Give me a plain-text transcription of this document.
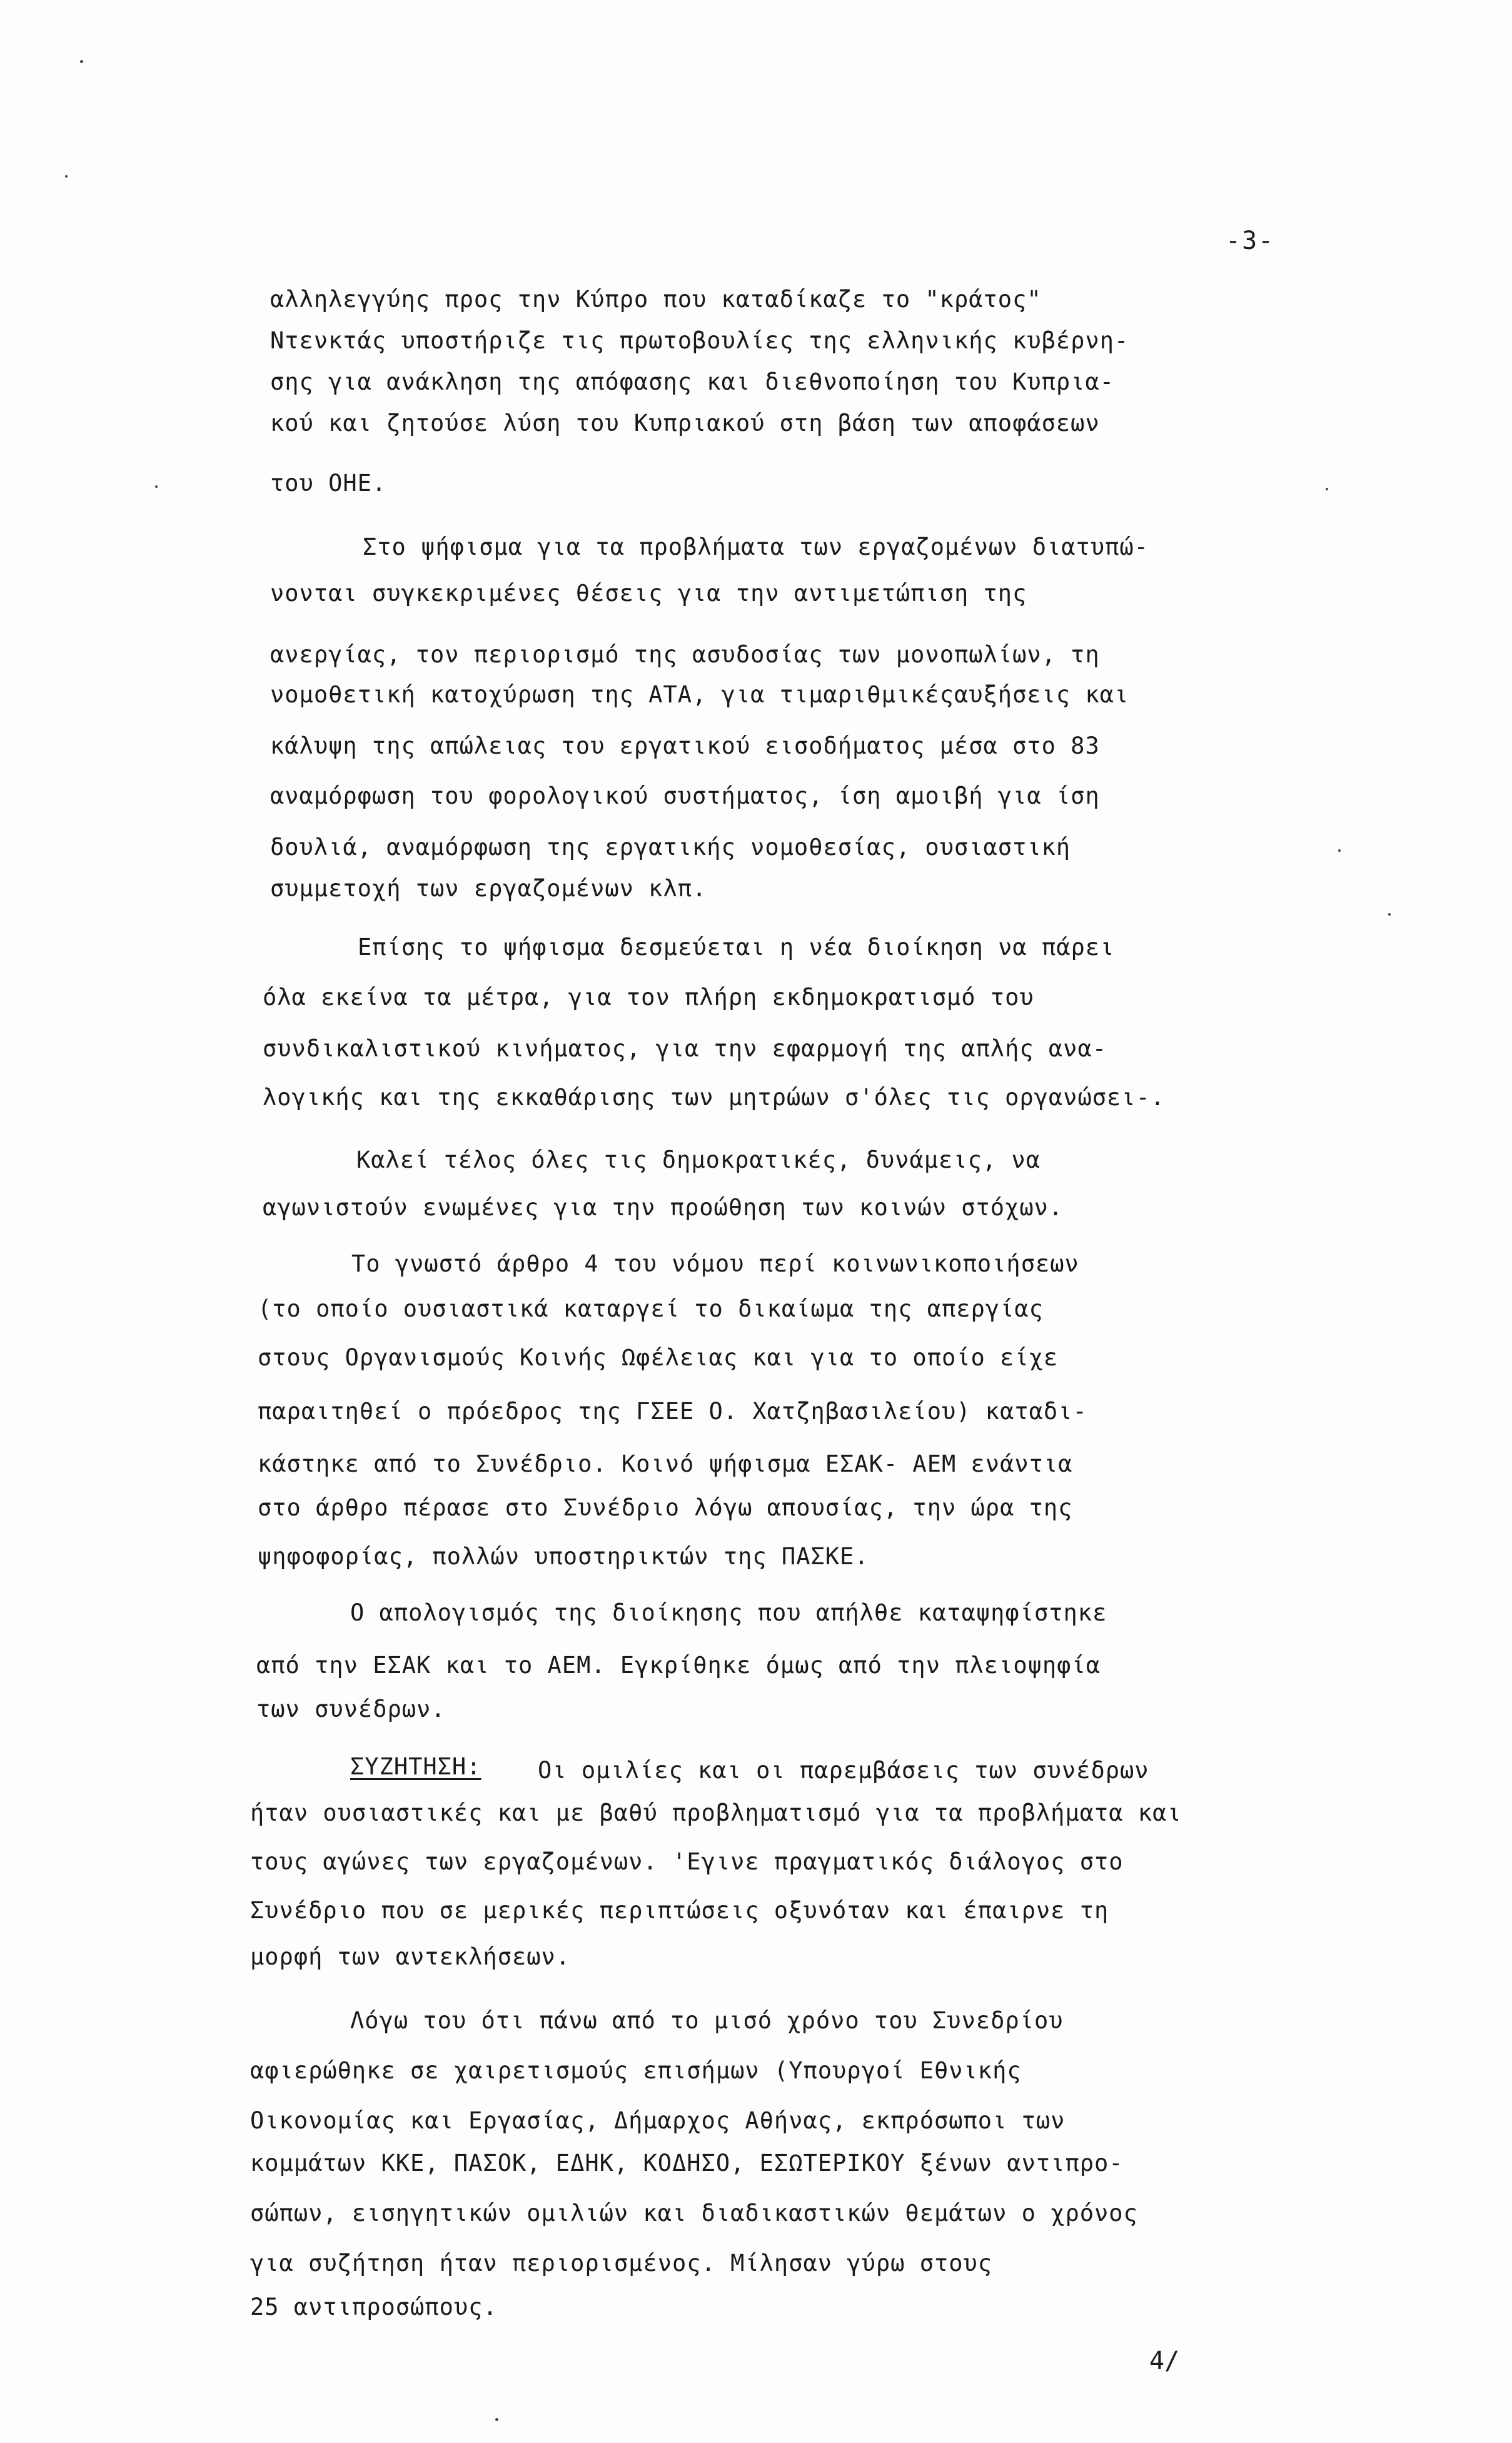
-3-
αλληλεγγύης προς την Κύπρο που καταδίκαζε το "κράτος"
Ντενκτάς υποστήριζε τις πρωτοβουλίες της ελληνικής κυβέρνη-
σης για ανάκληση της απόφασης και διεθνοποίηση του Κυπρια-
κού και ζητούσε λύση του Κυπριακού στη βάση των αποφάσεων
του ΟΗΕ.
Στο ψήφισμα για τα προβλήματα των εργαζομένων διατυπώ-
νονται συγκεκριμένες θέσεις για την αντιμετώπιση της
ανεργίας, τον περιορισμό της ασυδοσίας των μονοπωλίων, τη
νομοθετική κατοχύρωση της ΑΤΑ, για τιμαριθμικέςαυξήσεις και
κάλυψη της απώλειας του εργατικού εισοδήματος μέσα στο 83
αναμόρφωση του φορολογικού συστήματος, ίση αμοιβή για ίση
δουλιά, αναμόρφωση της εργατικής νομοθεσίας, ουσιαστική
συμμετοχή των εργαζομένων κλπ.
Επίσης το ψήφισμα δεσμεύεται η νέα διοίκηση να πάρει
όλα εκείνα τα μέτρα, για τον πλήρη εκδημοκρατισμό του
συνδικαλιστικού κινήματος, για την εφαρμογή της απλής ανα-
λογικής και της εκκαθάρισης των μητρώων σ'όλες τις οργανώσει-.
Καλεί τέλος όλες τις δημοκρατικές, δυνάμεις, να
αγωνιστούν ενωμένες για την προώθηση των κοινών στόχων.
Το γνωστό άρθρο 4 του νόμου περί κοινωνικοποιήσεων
(το οποίο ουσιαστικά καταργεί το δικαίωμα της απεργίας
στους Οργανισμούς Κοινής Ωφέλειας και για το οποίο είχε
παραιτηθεί ο πρόεδρος της ΓΣΕΕ Ο. Χατζηβασιλείου) καταδι-
κάστηκε από το Συνέδριο. Κοινό ψήφισμα ΕΣΑΚ- ΑΕΜ ενάντια
στο άρθρο πέρασε στο Συνέδριο λόγω απουσίας, την ώρα της
ψηφοφορίας, πολλών υποστηρικτών της ΠΑΣΚΕ.
Ο απολογισμός της διοίκησης που απήλθε καταψηφίστηκε
από την ΕΣΑΚ και το ΑΕΜ. Εγκρίθηκε όμως από την πλειοψηφία
των συνέδρων.
ΣΥΖΗΤΗΣΗ: Οι ομιλίες και οι παρεμβάσεις των συνέδρων
ήταν ουσιαστικές και με βαθύ προβληματισμό για τα προβλήματα και
τους αγώνες των εργαζομένων. 'Εγινε πραγματικός διάλογος στο
Συνέδριο που σε μερικές περιπτώσεις οξυνόταν και έπαιρνε τη
μορφή των αντεκλήσεων.
Λόγω του ότι πάνω από το μισό χρόνο του Συνεδρίου
αφιερώθηκε σε χαιρετισμούς επισήμων (Υπουργοί Εθνικής
Οικονομίας και Εργασίας, Δήμαρχος Αθήνας, εκπρόσωποι των
κομμάτων ΚΚΕ, ΠΑΣΟΚ, ΕΔΗΚ, ΚΟΔΗΣΟ, ΕΣΩΤΕΡΙΚΟΥ ξένων αντιπρο-
σώπων, εισηγητικών ομιλιών και διαδικαστικών θεμάτων ο χρόνος
για συζήτηση ήταν περιορισμένος. Μίλησαν γύρω στους
25 αντιπροσώπους.
4/
